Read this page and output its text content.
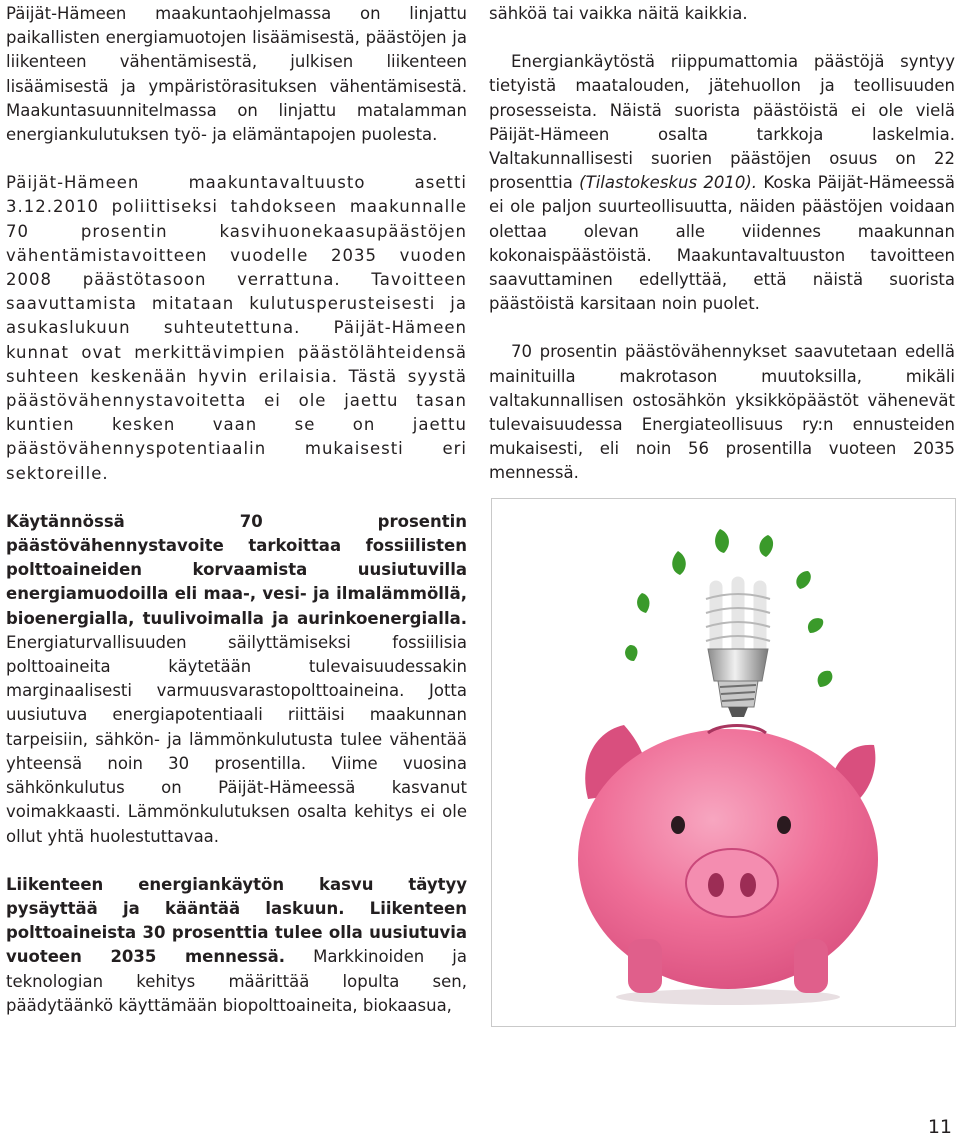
Päijät-Hämeen maakuntaohjelmassa on linjattu paikallisten energiamuotojen lisäämisestä, päästöjen ja liikenteen vähentämisestä, julkisen liikenteen lisäämisestä ja ympäristörasituksen vähentämisestä. Maakuntasuunnitelmassa on linjattu matalamman energiankulutuksen työ- ja elämäntapojen puolesta.

Päijät-Hämeen maakuntavaltuusto asetti 3.12.2010 poliittiseksi tahdokseen maakunnalle 70 prosentin kasvihuonekaasupäästöjen vähentämistavoitteen vuodelle 2035 vuoden 2008 päästötasoon verrattuna. Tavoitteen saavuttamista mitataan kulutusperusteisesti ja asukaslukuun suhteutettuna. Päijät-Hämeen kunnat ovat merkittävimpien päästölähteidensä suhteen keskenään hyvin erilaisia. Tästä syystä päästövähennystavoitetta ei ole jaettu tasan kuntien kesken vaan se on jaettu päästövähennyspotentiaalin mukaisesti eri sektoreille.

Käytännössä 70 prosentin päästövähennystavoite tarkoittaa fossiilisten polttoaineiden korvaamista uusiutuvilla energiamuodoilla eli maa-, vesi- ja ilmalämmöllä, bioenergialla, tuulivoimalla ja aurinkoenergialla. Energiaturvallisuuden säilyttämiseksi fossiilisia polttoaineita käytetään tulevaisuudessakin marginaalisesti varmuusvarastopolttoaineina. Jotta uusiutuva energiapotentiaali riittäisi maakunnan tarpeisiin, sähkön- ja lämmönkulutusta tulee vähentää yhteensä noin 30 prosentilla. Viime vuosina sähkönkulutus on Päijät-Hämeessä kasvanut voimakkaasti. Lämmönkulutuksen osalta kehitys ei ole ollut yhtä huolestuttavaa.

Liikenteen energiankäytön kasvu täytyy pysäyttää ja kääntää laskuun. Liikenteen polttoaineista 30 prosenttia tulee olla uusiutuvia vuoteen 2035 mennessä. Markkinoiden ja teknologian kehitys määrittää lopulta sen, päädytäänkö käyttämään biopolttoaineita, biokaasua,

sähköä tai vaikka näitä kaikkia.

Energiankäytöstä riippumattomia päästöjä syntyy tietyistä maatalouden, jätehuollon ja teollisuuden prosesseista. Näistä suorista päästöistä ei ole vielä Päijät-Hämeen osalta tarkkoja laskelmia. Valtakunnallisesti suorien päästöjen osuus on 22 prosenttia (Tilastokeskus 2010). Koska Päijät-Hämeessä ei ole paljon suurteollisuutta, näiden päästöjen voidaan olettaa olevan alle viidennes maakunnan kokonaispäästöistä. Maakuntavaltuuston tavoitteen saavuttaminen edellyttää, että näistä suorista päästöistä karsitaan noin puolet.

70 prosentin päästövähennykset saavutetaan edellä mainituilla makrotason muutoksilla, mikäli valtakunnallisen ostosähkön yksikköpäästöt vähenevät tulevaisuudessa Energiateollisuus ry:n ennusteiden mukaisesti, eli noin 56 prosentilla vuoteen 2035 mennessä.

11
